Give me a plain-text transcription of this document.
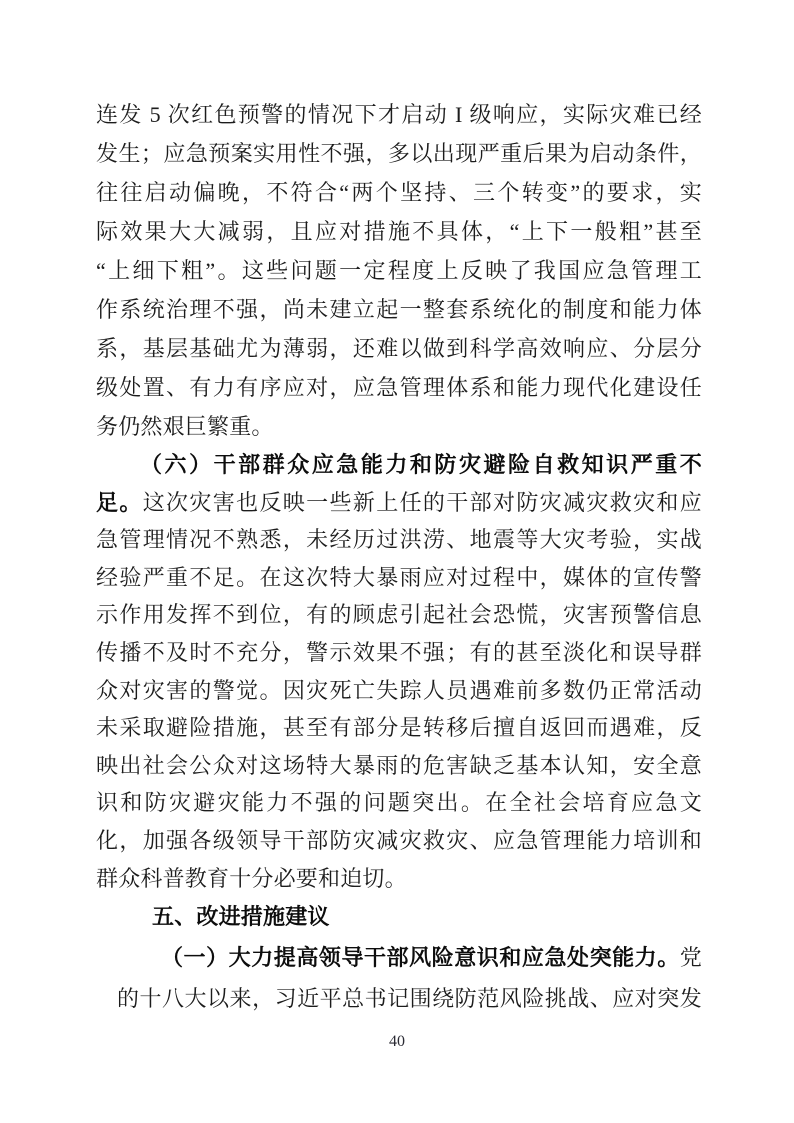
连发 5 次红色预警的情况下才启动 I 级响应，实际灾难已经
发生；应急预案实用性不强，多以出现严重后果为启动条件，
往往启动偏晚，不符合“两个坚持、三个转变”的要求，实
际效果大大减弱，且应对措施不具体，“上下一般粗”甚至
“上细下粗”。这些问题一定程度上反映了我国应急管理工
作系统治理不强，尚未建立起一整套系统化的制度和能力体
系，基层基础尤为薄弱，还难以做到科学高效响应、分层分
级处置、有力有序应对，应急管理体系和能力现代化建设任
务仍然艰巨繁重。
（六）干部群众应急能力和防灾避险自救知识严重不
足。这次灾害也反映一些新上任的干部对防灾减灾救灾和应
急管理情况不熟悉，未经历过洪涝、地震等大灾考验，实战
经验严重不足。在这次特大暴雨应对过程中，媒体的宣传警
示作用发挥不到位，有的顾虑引起社会恐慌，灾害预警信息
传播不及时不充分，警示效果不强；有的甚至淡化和误导群
众对灾害的警觉。因灾死亡失踪人员遇难前多数仍正常活动
未采取避险措施，甚至有部分是转移后擅自返回而遇难，反
映出社会公众对这场特大暴雨的危害缺乏基本认知，安全意
识和防灾避灾能力不强的问题突出。在全社会培育应急文
化，加强各级领导干部防灾减灾救灾、应急管理能力培训和
群众科普教育十分必要和迫切。
五、改进措施建议
（一）大力提高领导干部风险意识和应急处突能力。党
的十八大以来，习近平总书记围绕防范风险挑战、应对突发
40
